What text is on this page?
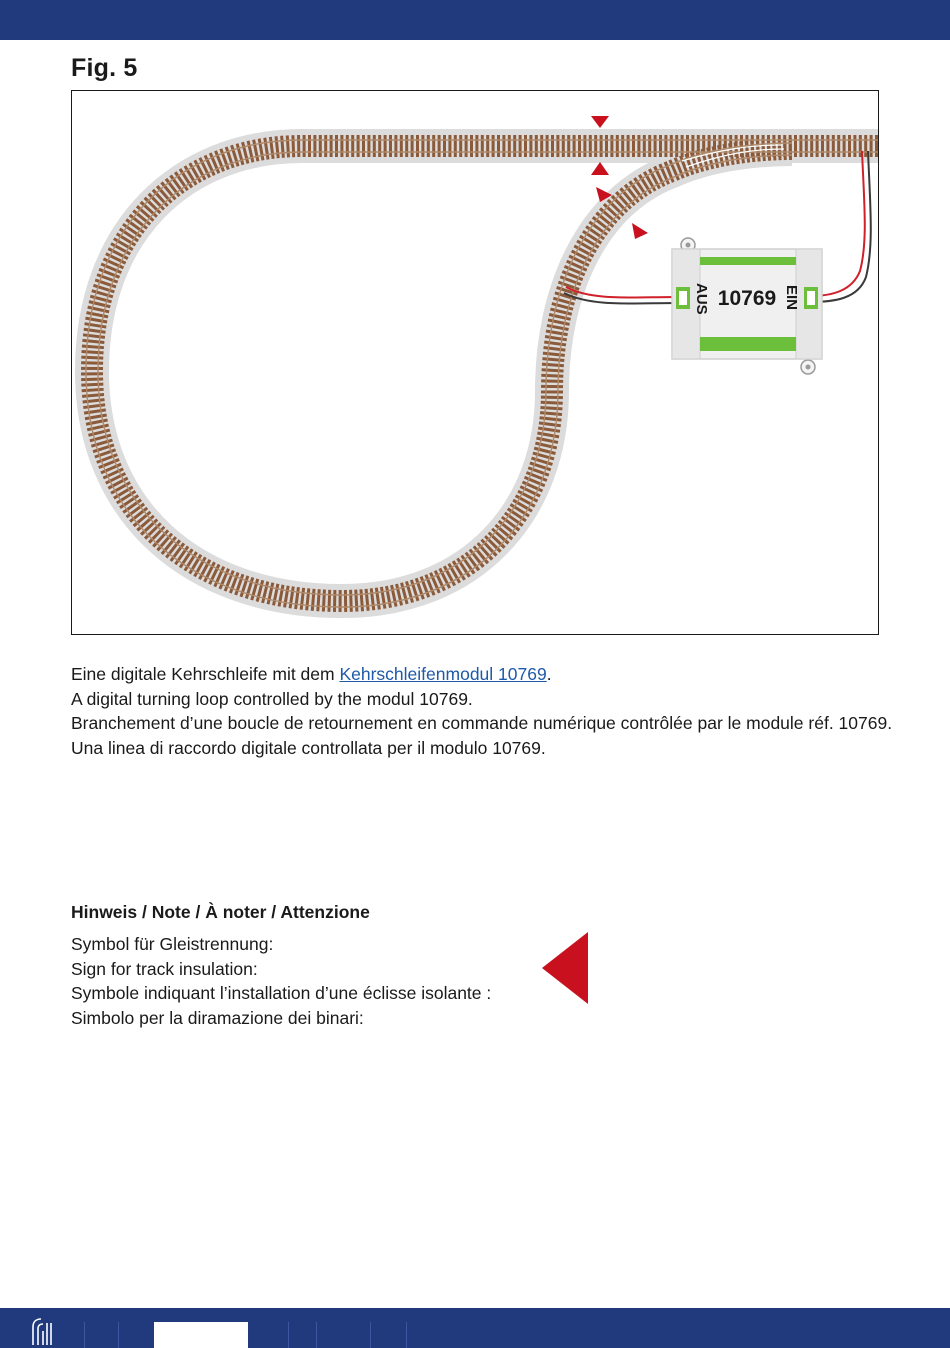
Fig. 5
AUS 10769 EIN

Eine digitale Kehrschleife mit dem Kehrschleifenmodul 10769.

A digital turning loop controlled by the modul 10769.

Branchement d’une boucle de retournement en commande numérique contrôlée par le module réf. 10769.

Una linea di raccordo digitale controllata per il modulo 10769.

Hinweis / Note / À noter / Attenzione

Symbol für Gleistrennung:

Sign for track insulation:

Symbole indiquant l’installation d’une éclisse isolante :

Simbolo per la diramazione dei binari:
